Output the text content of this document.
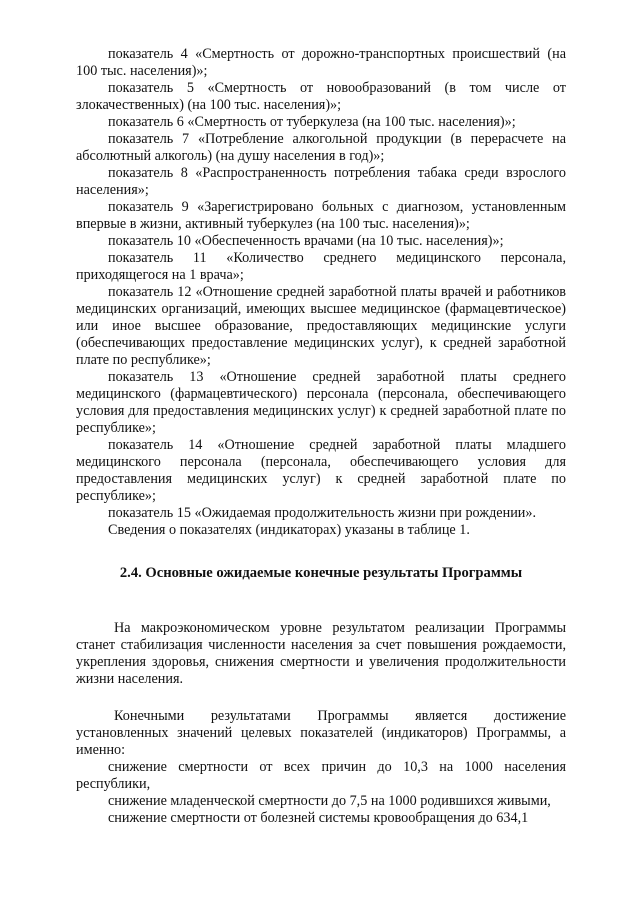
показатель 4 «Смертность от дорожно-транспортных происшествий (на 100 тыс. населения)»;

показатель 5 «Смертность от новообразований (в том числе от злокачественных) (на 100 тыс. населения)»;

показатель 6 «Смертность от туберкулеза (на 100 тыс. населения)»;

показатель 7 «Потребление алкогольной продукции (в перерасчете на абсолютный алкоголь) (на душу населения в год)»;

показатель 8 «Распространенность потребления табака среди взрослого населения»;

показатель 9 «Зарегистрировано больных с диагнозом, установленным впервые в жизни, активный туберкулез (на 100 тыс. населения)»;

показатель 10 «Обеспеченность врачами (на 10 тыс. населения)»;

показатель 11 «Количество среднего медицинского персонала, приходящегося на 1 врача»;

показатель 12 «Отношение средней заработной платы врачей и работников медицинских организаций, имеющих высшее медицинское (фармацевтическое) или иное высшее образование, предоставляющих медицинские услуги (обеспечивающих предоставление медицинских услуг), к средней заработной плате по республике»;

показатель 13 «Отношение средней заработной платы среднего медицинского (фармацевтического) персонала (персонала, обеспечивающего условия для предоставления медицинских услуг) к средней заработной плате по республике»;

показатель 14 «Отношение средней заработной платы младшего медицинского персонала (персонала, обеспечивающего условия для предоставления медицинских услуг) к средней заработной плате по республике»;

показатель 15 «Ожидаемая продолжительность жизни при рождении».

Сведения о показателях (индикаторах) указаны в таблице 1.

2.4. Основные ожидаемые конечные результаты Программы

На макроэкономическом уровне результатом реализации Программы станет стабилизация численности населения за счет повышения рождаемости, укрепления здоровья, снижения смертности и увеличения продолжительности жизни населения.

Конечными результатами Программы является достижение установленных значений целевых показателей (индикаторов) Программы, а именно:

снижение смертности от всех причин до 10,3 на 1000 населения республики,

снижение младенческой смертности до 7,5 на 1000 родившихся живыми,

снижение смертности от болезней системы кровообращения до 634,1
